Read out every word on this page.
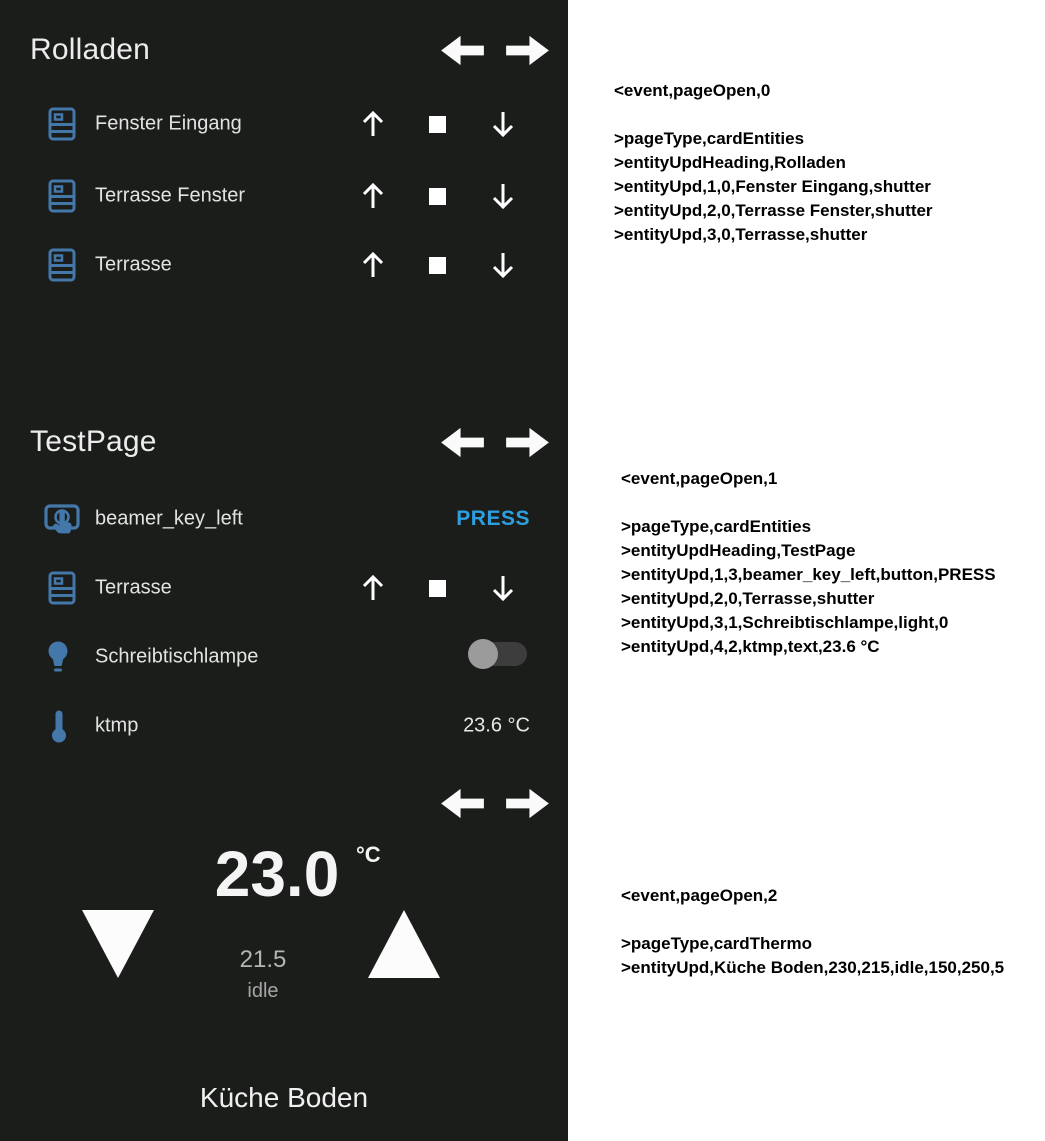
Rolladen
Fenster Eingang
Terrasse Fenster
Terrasse
TestPage
beamer_key_left	PRESS
Terrasse
Schreibtischlampe
ktmp	23.6 °C
23.0 °C
21.5
idle
Küche Boden
<event,pageOpen,0
>pageType,cardEntities
>entityUpdHeading,Rolladen
>entityUpd,1,0,Fenster Eingang,shutter
>entityUpd,2,0,Terrasse Fenster,shutter
>entityUpd,3,0,Terrasse,shutter
<event,pageOpen,1
>pageType,cardEntities
>entityUpdHeading,TestPage
>entityUpd,1,3,beamer_key_left,button,PRESS
>entityUpd,2,0,Terrasse,shutter
>entityUpd,3,1,Schreibtischlampe,light,0
>entityUpd,4,2,ktmp,text,23.6 °C
<event,pageOpen,2
>pageType,cardThermo
>entityUpd,Küche Boden,230,215,idle,150,250,5
